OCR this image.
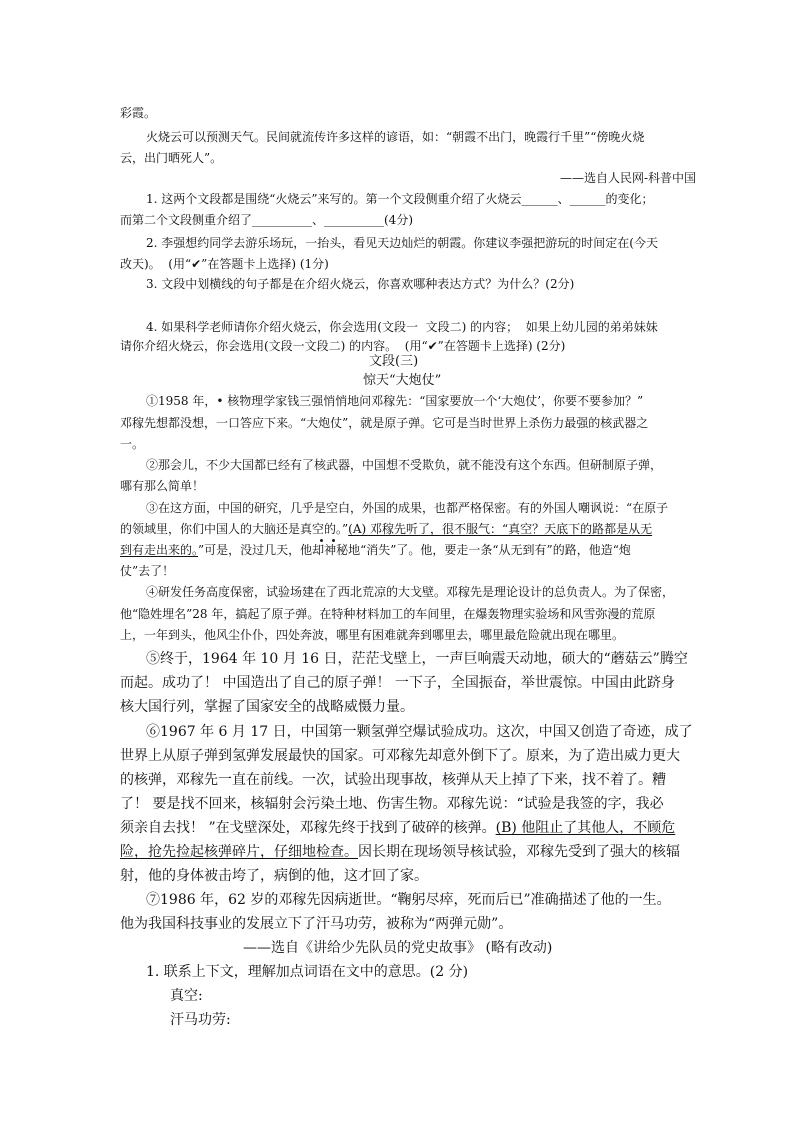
彩霞。
火烧云可以预测天气。民间就流传许多这样的谚语，如：“朝霞不出门，晚霞行千里”“傍晚火烧
云，出门晒死人”。
——选自人民网-科普中国
1. 这两个文段都是围绕“火烧云”来写的。第一个文段侧重介绍了火烧云______、______的变化；
而第二个文段侧重介绍了__________、__________(4分)
2. 李强想约同学去游乐场玩，一抬头，看见天边灿烂的朝霞。你建议李强把游玩的时间定在(今天
改天)。  (用“✔”在答题卡上选择) (1分)
3. 文段中划横线的句子都是在介绍火烧云，你喜欢哪种表达方式？为什么？(2分)
4. 如果科学老师请你介绍火烧云，你会选用(文段一  文段二) 的内容；  如果上幼儿园的弟弟妹妹
请你介绍火烧云，你会选用(文段一文段二) 的内容。  (用“✔”在答题卡上选择) (2分)
文段(三)
惊天“大炮仗”
①1958 年，• 核物理学家钱三强悄悄地问邓稼先：“国家要放一个‘大炮仗’，你要不要参加？”
邓稼先想都没想，一口答应下来。“大炮仗”，就是原子弹。它可是当时世界上杀伤力最强的核武器之
一。
②那会儿，不少大国都已经有了核武器，中国想不受欺负，就不能没有这个东西。但研制原子弹，
哪有那么简单！
③在这方面，中国的研究，几乎是空白，外国的成果，也都严格保密。有的外国人嘲讽说：“在原子
的领域里，你们中国人的大脑还是真空的。”(A) 邓稼先听了，很不服气：“真空？天底下的路都是从无
到有走出来的。”可是，没过几天，他却神秘地“消失”了。他，要走一条“从无到有”的路，他造“炮
仗”去了！
④研发任务高度保密，试验场建在了西北荒凉的大戈壁。邓稼先是理论设计的总负责人。为了保密，
他“隐姓埋名”28 年，搞起了原子弹。在特种材料加工的车间里，在爆轰物理实验场和风雪弥漫的荒原
上，一年到头，他风尘仆仆，四处奔波，哪里有困难就奔到哪里去，哪里最危险就出现在哪里。
⑤终于，1964 年 10 月 16 日，茫茫戈壁上，一声巨响震天动地，硕大的“蘑菇云”腾空
而起。成功了！ 中国造出了自己的原子弹！ 一下子，全国振奋，举世震惊。中国由此跻身
核大国行列，掌握了国家安全的战略威慑力量。
⑥1967 年 6 月 17 日，中国第一颗氢弹空爆试验成功。这次，中国又创造了奇迹，成了
世界上从原子弹到氢弹发展最快的国家。可邓稼先却意外倒下了。原来，为了造出威力更大
的核弹，邓稼先一直在前线。一次，试验出现事故，核弹从天上掉了下来，找不着了。糟
了！ 要是找不回来，核辐射会污染土地、伤害生物。邓稼先说：“试验是我签的字，我必
须亲自去找！ ”在戈壁深处，邓稼先终于找到了破碎的核弹。(B) 他阻止了其他人，不顾危
险，抢先捡起核弹碎片，仔细地检查。因长期在现场领导核试验，邓稼先受到了强大的核辐
射，他的身体被击垮了，病倒的他，这才回了家。
⑦1986 年，62 岁的邓稼先因病逝世。“鞠躬尽瘁，死而后已”准确描述了他的一生。
他为我国科技事业的发展立下了汗马功劳，被称为“两弹元勋”。
——选自《讲给少先队员的党史故事》 (略有改动)
1. 联系上下文，理解加点词语在文中的意思。(2 分)
真空:
汗马功劳:
